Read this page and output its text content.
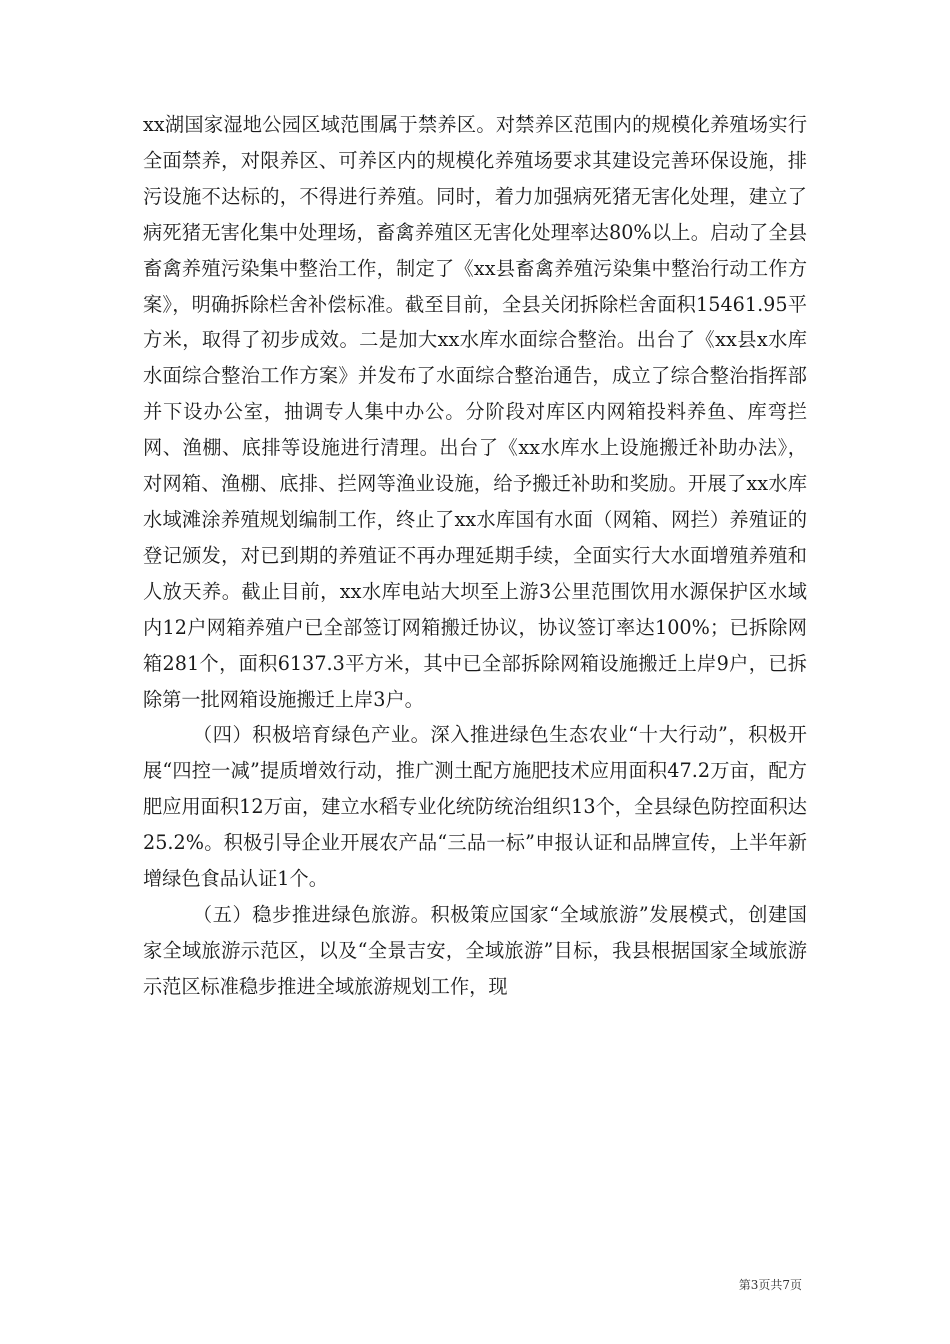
xx湖国家湿地公园区域范围属于禁养区。对禁养区范围内的规模化养殖场实行全面禁养，对限养区、可养区内的规模化养殖场要求其建设完善环保设施，排污设施不达标的，不得进行养殖。同时，着力加强病死猪无害化处理，建立了病死猪无害化集中处理场，畜禽养殖区无害化处理率达80%以上。启动了全县畜禽养殖污染集中整治工作，制定了《xx县畜禽养殖污染集中整治行动工作方案》，明确拆除栏舍补偿标准。截至目前，全县关闭拆除栏舍面积15461.95平方米，取得了初步成效。二是加大xx水库水面综合整治。出台了《xx县x水库水面综合整治工作方案》并发布了水面综合整治通告，成立了综合整治指挥部并下设办公室，抽调专人集中办公。分阶段对库区内网箱投料养鱼、库弯拦网、渔棚、底排等设施进行清理。出台了《xx水库水上设施搬迁补助办法》，对网箱、渔棚、底排、拦网等渔业设施，给予搬迁补助和奖励。开展了xx水库水域滩涂养殖规划编制工作，终止了xx水库国有水面（网箱、网拦）养殖证的登记颁发，对已到期的养殖证不再办理延期手续，全面实行大水面增殖养殖和人放天养。截止目前，xx水库电站大坝至上游3公里范围饮用水源保护区水域内12户网箱养殖户已全部签订网箱搬迁协议，协议签订率达100%；已拆除网箱281个，面积6137.3平方米，其中已全部拆除网箱设施搬迁上岸9户，已拆除第一批网箱设施搬迁上岸3户。

（四）积极培育绿色产业。深入推进绿色生态农业“十大行动”，积极开展“四控一减”提质增效行动，推广测土配方施肥技术应用面积47.2万亩，配方肥应用面积12万亩，建立水稻专业化统防统治组织13个，全县绿色防控面积达25.2%。积极引导企业开展农产品“三品一标”申报认证和品牌宣传，上半年新增绿色食品认证1个。

（五）稳步推进绿色旅游。积极策应国家“全域旅游”发展模式，创建国家全域旅游示范区，以及“全景吉安，全域旅游”目标，我县根据国家全域旅游示范区标准稳步推进全域旅游规划工作，现

第3页共7页
